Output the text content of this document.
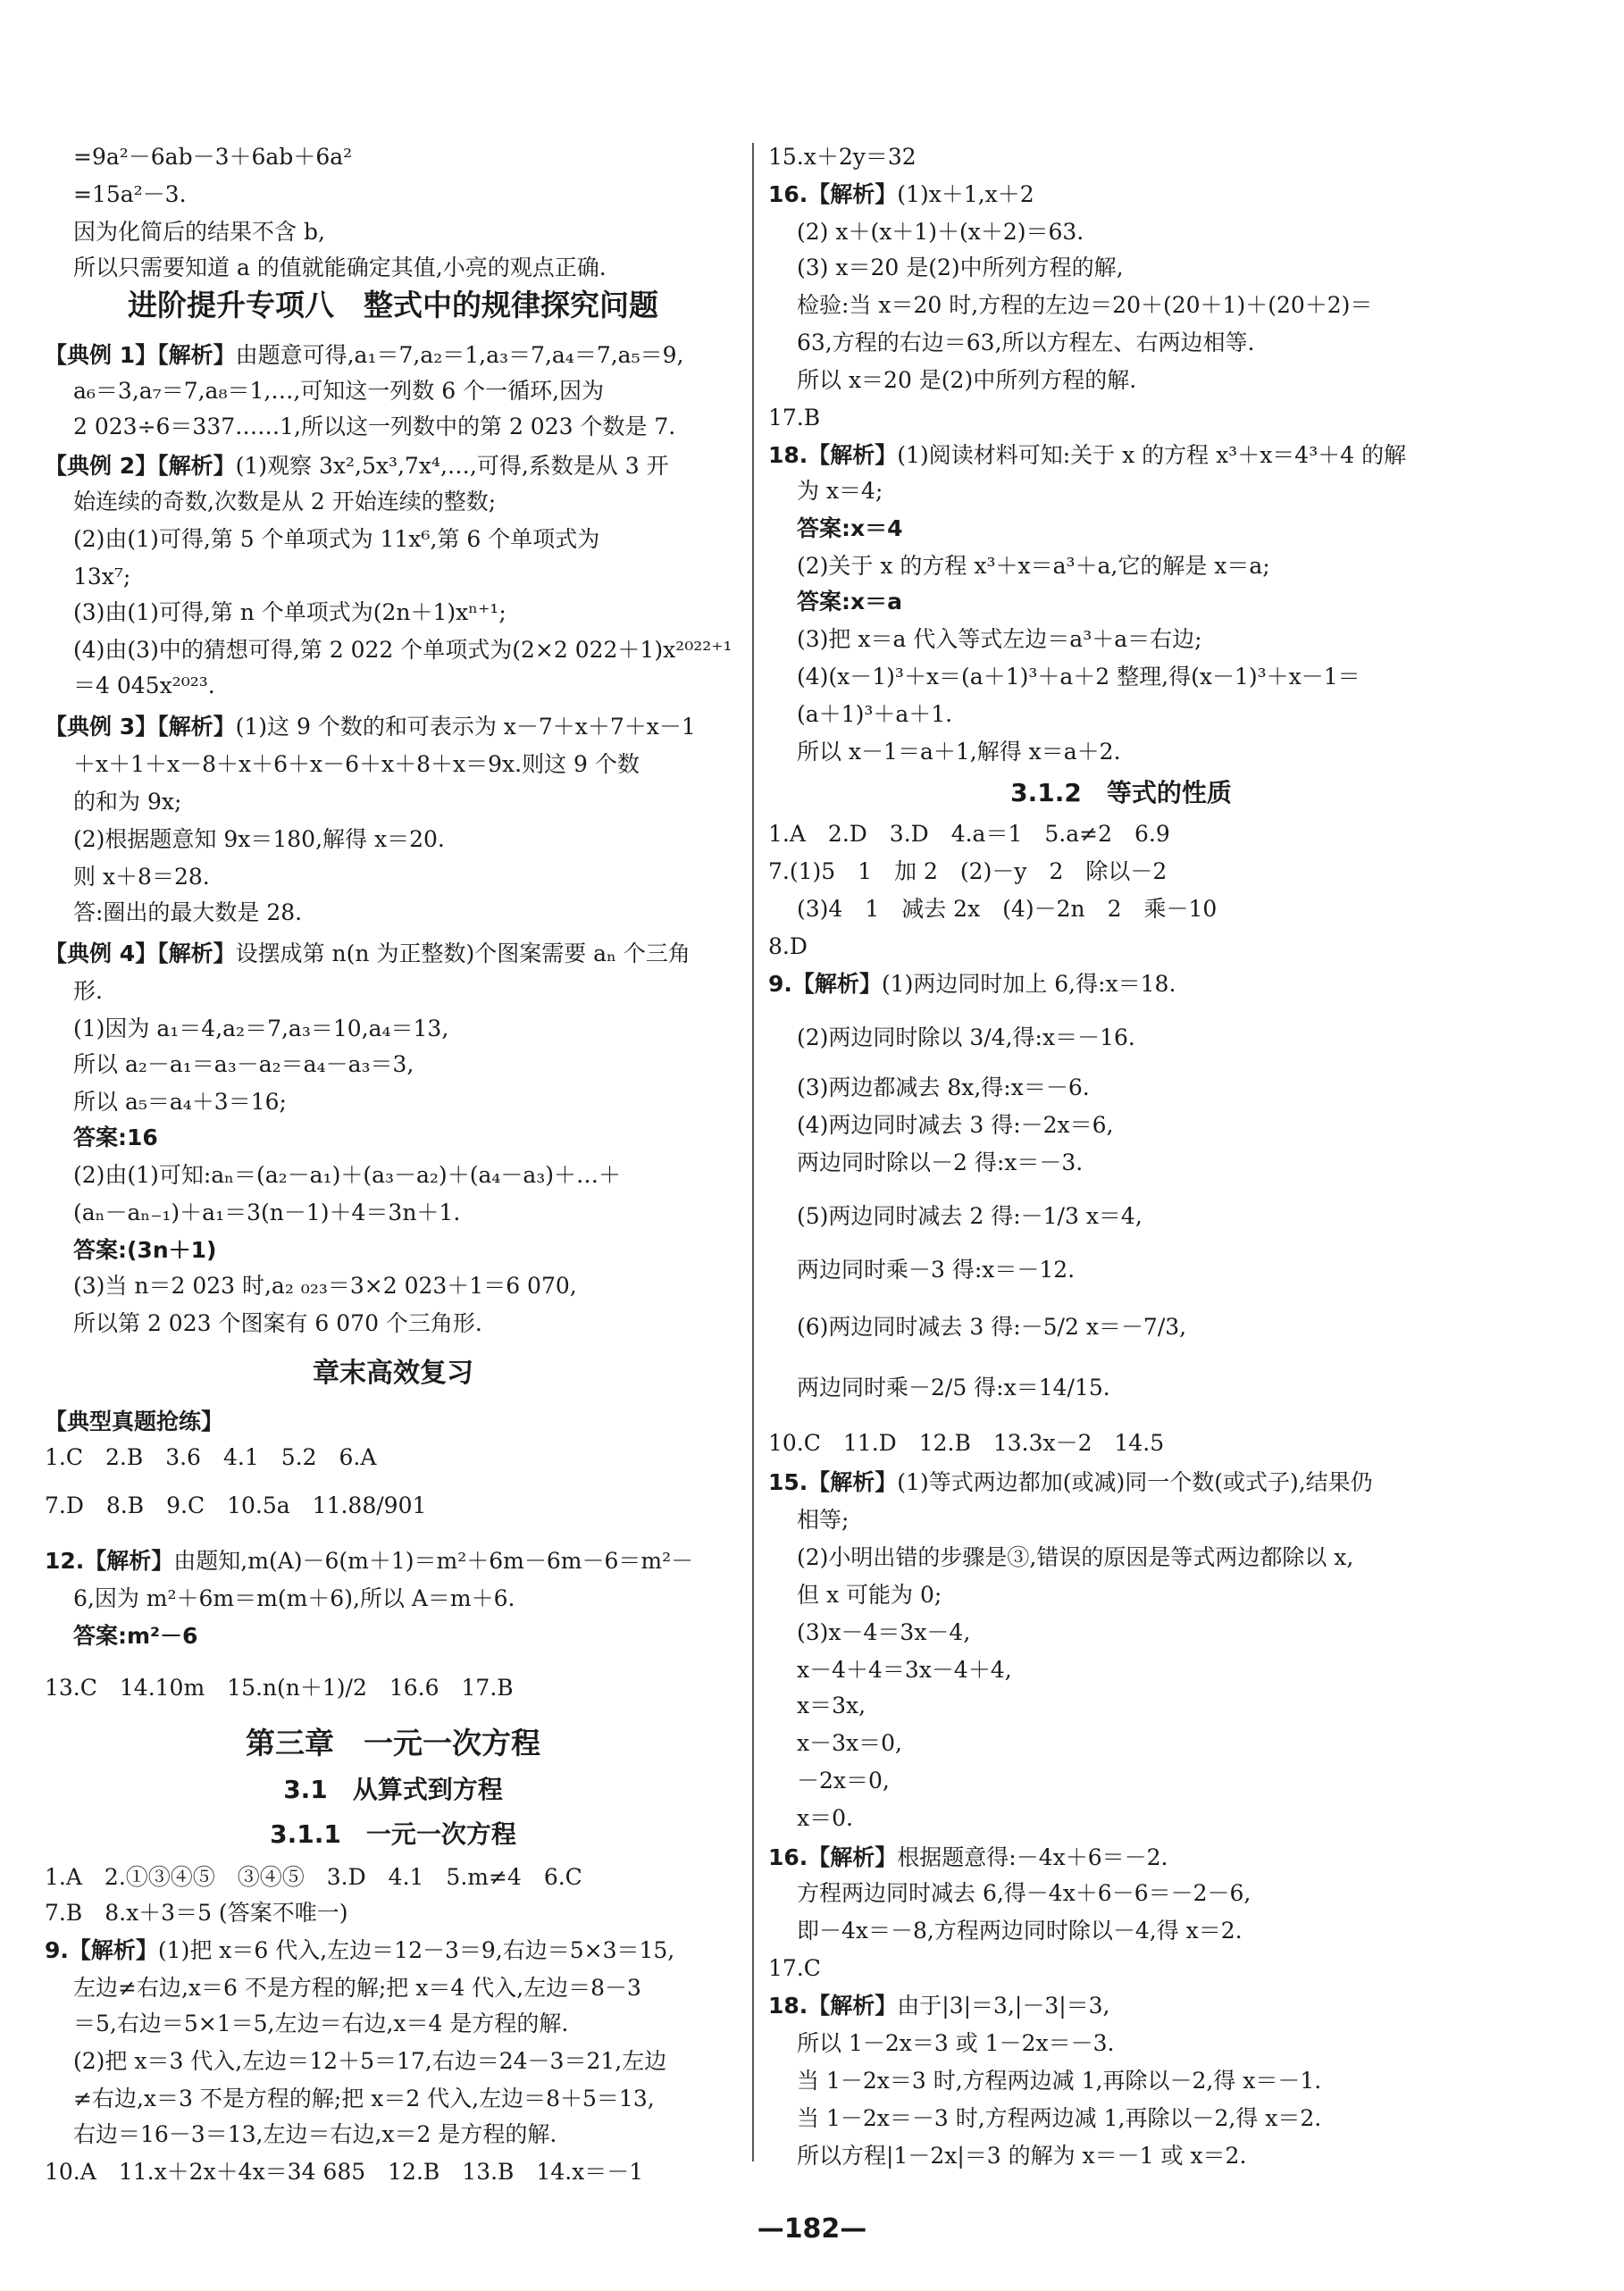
=9a²－6ab－3＋6ab＋6a²
=15a²－3.
因为化简后的结果不含 b,
所以只需要知道 a 的值就能确定其值,小亮的观点正确.
进阶提升专项八　整式中的规律探究问题
【典例 1】【解析】由题意可得,a₁＝7,a₂＝1,a₃＝7,a₄＝7,a₅＝9,
a₆＝3,a₇＝7,a₈＝1,…,可知这一列数 6 个一循环,因为
2 023÷6＝337……1,所以这一列数中的第 2 023 个数是 7.
【典例 2】【解析】(1)观察 3x²,5x³,7x⁴,…,可得,系数是从 3 开
始连续的奇数,次数是从 2 开始连续的整数;
(2)由(1)可得,第 5 个单项式为 11x⁶,第 6 个单项式为
13x⁷;
(3)由(1)可得,第 n 个单项式为(2n＋1)xⁿ⁺¹;
(4)由(3)中的猜想可得,第 2 022 个单项式为(2×2 022＋1)x²⁰²²⁺¹
＝4 045x²⁰²³.
【典例 3】【解析】(1)这 9 个数的和可表示为 x－7＋x＋7＋x－1
＋x＋1＋x－8＋x＋6＋x－6＋x＋8＋x＝9x.则这 9 个数
的和为 9x;
(2)根据题意知 9x＝180,解得 x＝20.
则 x＋8＝28.
答:圈出的最大数是 28.
【典例 4】【解析】设摆成第 n(n 为正整数)个图案需要 aₙ 个三角
形.
(1)因为 a₁＝4,a₂＝7,a₃＝10,a₄＝13,
所以 a₂－a₁＝a₃－a₂＝a₄－a₃＝3,
所以 a₅＝a₄＋3＝16;
答案:16
(2)由(1)可知:aₙ＝(a₂－a₁)＋(a₃－a₂)＋(a₄－a₃)＋…＋
(aₙ－aₙ₋₁)＋a₁＝3(n－1)＋4＝3n＋1.
答案:(3n＋1)
(3)当 n＝2 023 时,a₂ ₀₂₃＝3×2 023＋1＝6 070,
所以第 2 023 个图案有 6 070 个三角形.
章末高效复习
【典型真题抢练】
1.C　2.B　3.6　4.1　5.2　6.A
7.D　8.B　9.C　10.5a　11.88/901
12.【解析】由题知,m(A)－6(m＋1)＝m²＋6m－6m－6＝m²－
6,因为 m²＋6m＝m(m＋6),所以 A＝m＋6.
答案:m²－6
13.C　14.10m　15.n(n＋1)/2　16.6　17.B
第三章　一元一次方程
3.1　从算式到方程
3.1.1　一元一次方程
1.A　2.①③④⑤　③④⑤　3.D　4.1　5.m≠4　6.C
7.B　8.x＋3＝5 (答案不唯一)
9.【解析】(1)把 x＝6 代入,左边＝12－3＝9,右边＝5×3＝15,
左边≠右边,x＝6 不是方程的解;把 x＝4 代入,左边＝8－3
＝5,右边＝5×1＝5,左边＝右边,x＝4 是方程的解.
(2)把 x＝3 代入,左边＝12＋5＝17,右边＝24－3＝21,左边
≠右边,x＝3 不是方程的解;把 x＝2 代入,左边＝8＋5＝13,
右边＝16－3＝13,左边＝右边,x＝2 是方程的解.
10.A　11.x＋2x＋4x＝34 685　12.B　13.B　14.x＝－1
15.x＋2y＝32
16.【解析】(1)x＋1,x＋2
(2) x＋(x＋1)＋(x＋2)＝63.
(3) x＝20 是(2)中所列方程的解,
检验:当 x＝20 时,方程的左边＝20＋(20＋1)＋(20＋2)＝
63,方程的右边＝63,所以方程左、右两边相等.
所以 x＝20 是(2)中所列方程的解.
17.B
18.【解析】(1)阅读材料可知:关于 x 的方程 x³＋x＝4³＋4 的解
为 x＝4;
答案:x＝4
(2)关于 x 的方程 x³＋x＝a³＋a,它的解是 x＝a;
答案:x＝a
(3)把 x＝a 代入等式左边＝a³＋a＝右边;
(4)(x－1)³＋x＝(a＋1)³＋a＋2 整理,得(x－1)³＋x－1＝
(a＋1)³＋a＋1.
所以 x－1＝a＋1,解得 x＝a＋2.
3.1.2　等式的性质
1.A　2.D　3.D　4.a＝1　5.a≠2　6.9
7.(1)5　1　加 2　(2)－y　2　除以－2
(3)4　1　减去 2x　(4)－2n　2　乘－10
8.D
9.【解析】(1)两边同时加上 6,得:x＝18.
(2)两边同时除以 3/4,得:x＝－16.
(3)两边都减去 8x,得:x＝－6.
(4)两边同时减去 3 得:－2x＝6,
两边同时除以－2 得:x＝－3.
(5)两边同时减去 2 得:－1/3 x＝4,
两边同时乘－3 得:x＝－12.
(6)两边同时减去 3 得:－5/2 x＝－7/3,
两边同时乘－2/5 得:x＝14/15.
10.C　11.D　12.B　13.3x－2　14.5
15.【解析】(1)等式两边都加(或减)同一个数(或式子),结果仍
相等;
(2)小明出错的步骤是③,错误的原因是等式两边都除以 x,
但 x 可能为 0;
(3)x－4＝3x－4,
x－4＋4＝3x－4＋4,
x＝3x,
x－3x＝0,
－2x＝0,
x＝0.
16.【解析】根据题意得:－4x＋6＝－2.
方程两边同时减去 6,得－4x＋6－6＝－2－6,
即－4x＝－8,方程两边同时除以－4,得 x＝2.
17.C
18.【解析】由于|3|＝3,|－3|＝3,
所以 1－2x＝3 或 1－2x＝－3.
当 1－2x＝3 时,方程两边减 1,再除以－2,得 x＝－1.
当 1－2x＝－3 时,方程两边减 1,再除以－2,得 x＝2.
所以方程|1－2x|＝3 的解为 x＝－1 或 x＝2.
—182—
